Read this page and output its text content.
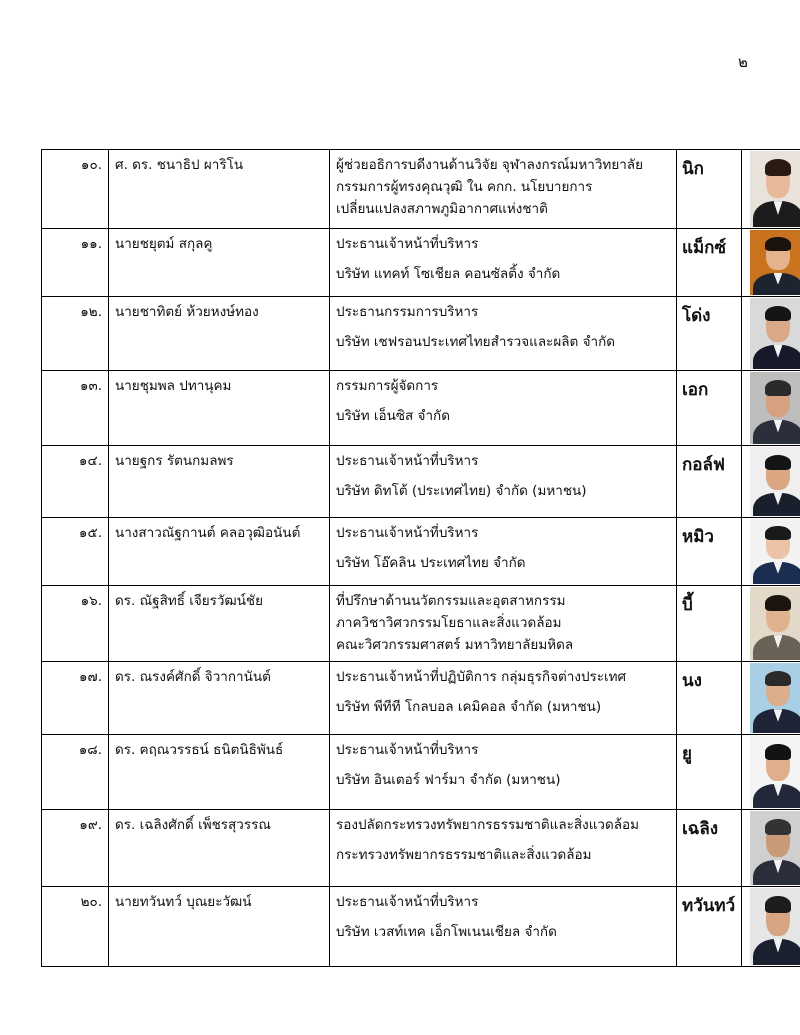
๒
๑๐.	ศ. ดร. ชนาธิป ผาริโน	ผู้ช่วยอธิการบดีงานด้านวิจัย จุฬาลงกรณ์มหาวิทยาลัย
กรรมการผู้ทรงคุณวุฒิ ใน คกก. นโยบายการ
เปลี่ยนแปลงสภาพภูมิอากาศแห่งชาติ	นิก	

๑๑.	นายชยุตม์ สกุลคู	ประธานเจ้าหน้าที่บริหาร
บริษัท แทคท์ โซเชียล คอนซัลติ้ง จำกัด	แม็กซ์	

๑๒.	นายชาทิตย์ ห้วยหงษ์ทอง	ประธานกรรมการบริหาร
บริษัท เชฟรอนประเทศไทยสำรวจและผลิต จำกัด	โด่ง	

๑๓.	นายชุมพล ปทานุคม	กรรมการผู้จัดการ
บริษัท เอ็นซิส จำกัด	เอก	

๑๔.	นายฐกร รัตนกมลพร	ประธานเจ้าหน้าที่บริหาร
บริษัท ดิทโต้ (ประเทศไทย) จำกัด (มหาชน)	กอล์ฟ	

๑๕.	นางสาวณัฐกานต์ คลอวุฒิอนันต์	ประธานเจ้าหน้าที่บริหาร
บริษัท โอ๊คลิน ประเทศไทย จำกัด	หมิว	

๑๖.	ดร. ณัฐสิทธิ์ เจียรวัฒน์ชัย	ที่ปรึกษาด้านนวัตกรรมและอุตสาหกรรม
ภาควิชาวิศวกรรมโยธาและสิ่งแวดล้อม
คณะวิศวกรรมศาสตร์ มหาวิทยาลัยมหิดล	บี้	

๑๗.	ดร. ณรงค์ศักดิ์ จิวากานันต์	ประธานเจ้าหน้าที่ปฏิบัติการ กลุ่มธุรกิจต่างประเทศ
บริษัท พีทีที โกลบอล เคมิคอล จำกัด (มหาชน)	นง	

๑๘.	ดร. ฅฤณวรรธน์ ธนิตนิธิพันธ์	ประธานเจ้าหน้าที่บริหาร
บริษัท อินเตอร์ ฟาร์มา จำกัด (มหาชน)	ยู	

๑๙.	ดร. เฉลิงศักดิ์ เพ็ชรสุวรรณ	รองปลัดกระทรวงทรัพยากรธรรมชาติและสิ่งแวดล้อม
กระทรวงทรัพยากรธรรมชาติและสิ่งแวดล้อม	เฉลิง	

๒๐.	นายทวันทว์ บุณยะวัฒน์	ประธานเจ้าหน้าที่บริหาร
บริษัท เวสท์เทค เอ็กโพเนนเชียล จำกัด	ทวันทว์	
